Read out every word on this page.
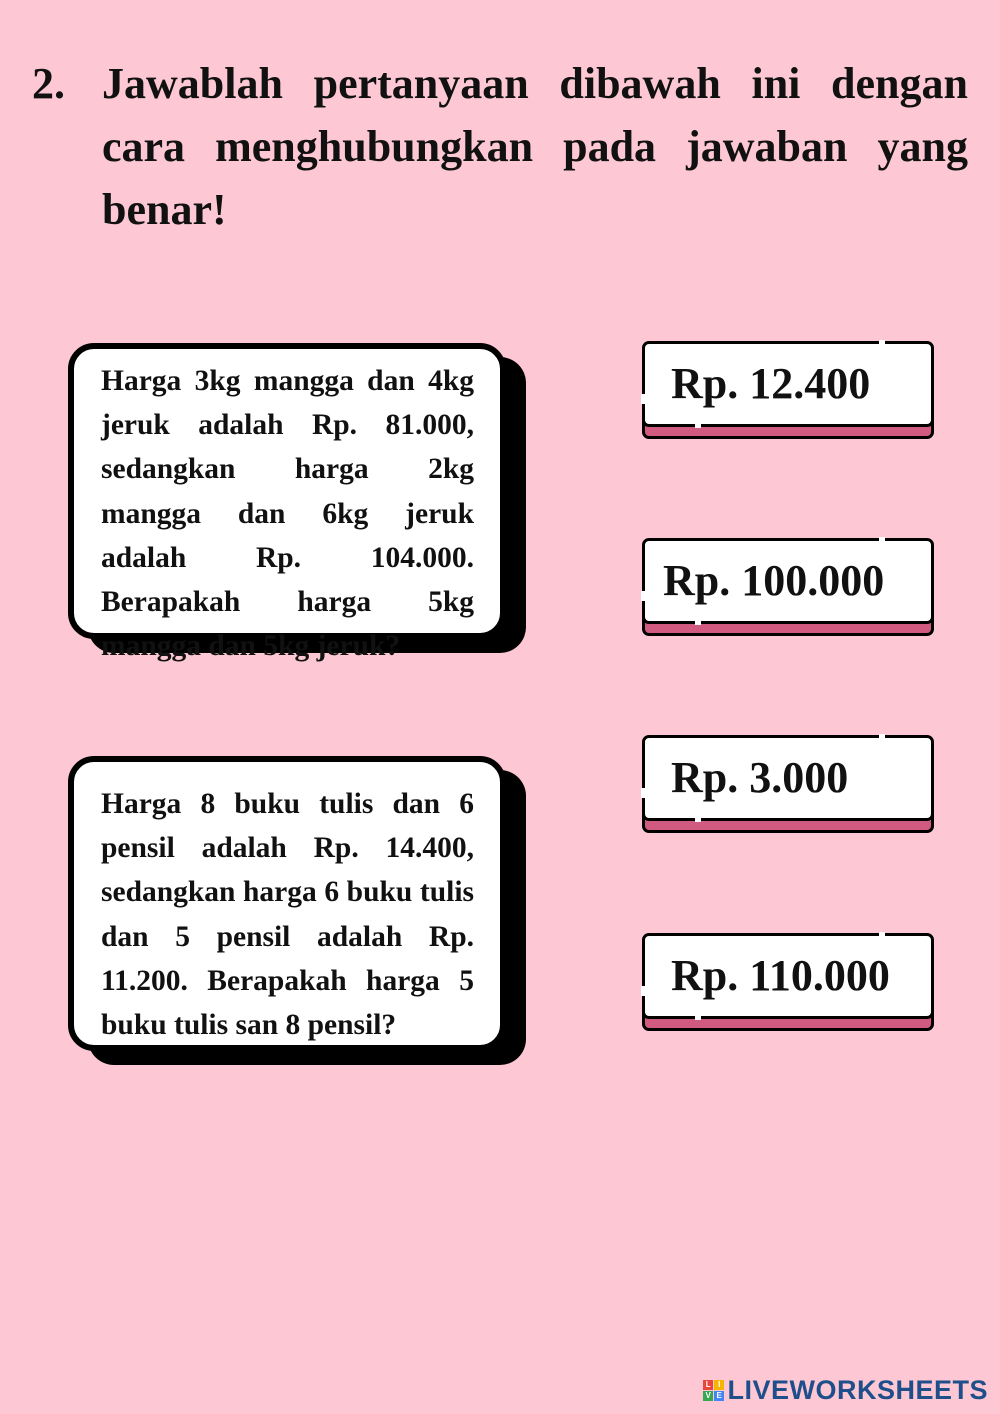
2. Jawablah pertanyaan dibawah ini dengan cara menghubungkan pada jawaban yang benar!
Harga 3kg mangga dan 4kg jeruk adalah Rp. 81.000, sedangkan harga 2kg mangga dan 6kg jeruk adalah Rp. 104.000. Berapakah harga 5kg mangga dan 5kg jeruk?
Harga 8 buku tulis dan 6 pensil adalah Rp. 14.400, sedangkan harga 6 buku tulis dan 5 pensil adalah Rp. 11.200. Berapakah harga 5 buku tulis san 8 pensil?
Rp. 12.400
Rp. 100.000
Rp. 3.000
Rp. 110.000
L I
V E LIVEWORKSHEETS
